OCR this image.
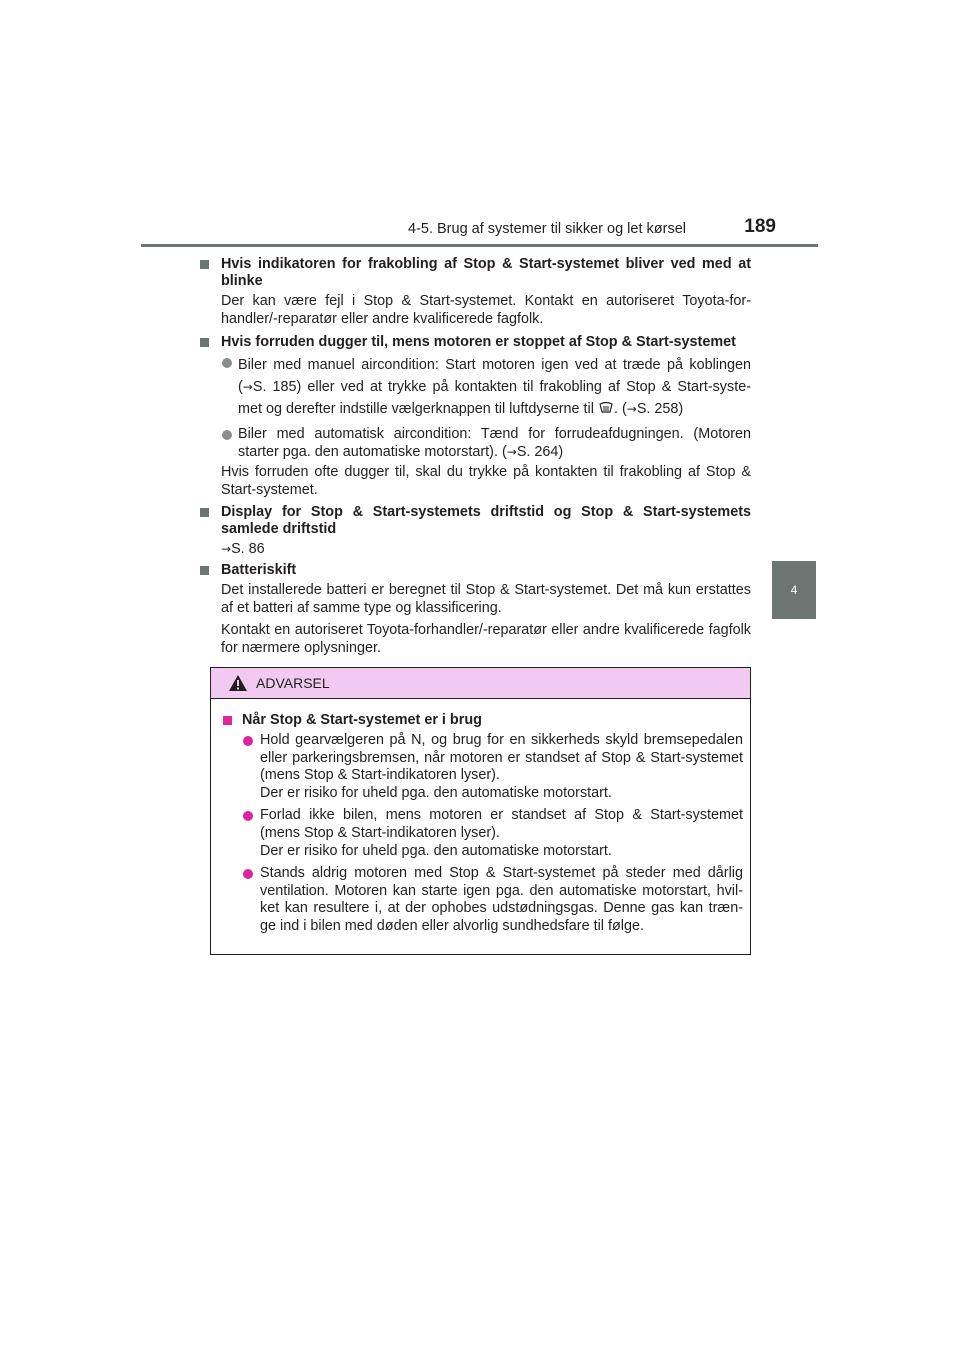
4-5. Brug af systemer til sikker og let kørsel	189
4
Kørsel
Hvis indikatoren for frakobling af Stop & Start-systemet bliver ved med at blinke
Der kan være fejl i Stop & Start-systemet. Kontakt en autoriseret Toyota-for- handler/-reparatør eller andre kvalificerede fagfolk.
Hvis forruden dugger til, mens motoren er stoppet af Stop & Start-systemet
Biler med manuel aircondition: Start motoren igen ved at træde på koblingen (→S. 185) eller ved at trykke på kontakten til frakobling af Stop & Start-syste- met og derefter indstille vælgerknappen til luftdyserne til . (→S. 258)
Biler med automatisk aircondition: Tænd for forrudeafdugningen. (Motoren starter pga. den automatiske motorstart). (→S. 264)
Hvis forruden ofte dugger til, skal du trykke på kontakten til frakobling af Stop & Start-systemet.
Display for Stop & Start-systemets driftstid og Stop & Start-systemets samlede driftstid
→S. 86
Batteriskift
Det installerede batteri er beregnet til Stop & Start-systemet. Det må kun erstattes af et batteri af samme type og klassificering.
Kontakt en autoriseret Toyota-forhandler/-reparatør eller andre kvalificerede fagfolk for nærmere oplysninger.
ADVARSEL
Når Stop & Start-systemet er i brug
Hold gearvælgeren på N, og brug for en sikkerheds skyld bremsepedalen eller parkeringsbremsen, når motoren er standset af Stop & Start-systemet (mens Stop & Start-indikatoren lyser).
Der er risiko for uheld pga. den automatiske motorstart.
Forlad ikke bilen, mens motoren er standset af Stop & Start-systemet (mens Stop & Start-indikatoren lyser).
Der er risiko for uheld pga. den automatiske motorstart.
Stands aldrig motoren med Stop & Start-systemet på steder med dårlig ventilation. Motoren kan starte igen pga. den automatiske motorstart, hvil- ket kan resultere i, at der ophobes udstødningsgas. Denne gas kan træn- ge ind i bilen med døden eller alvorlig sundhedsfare til følge.
